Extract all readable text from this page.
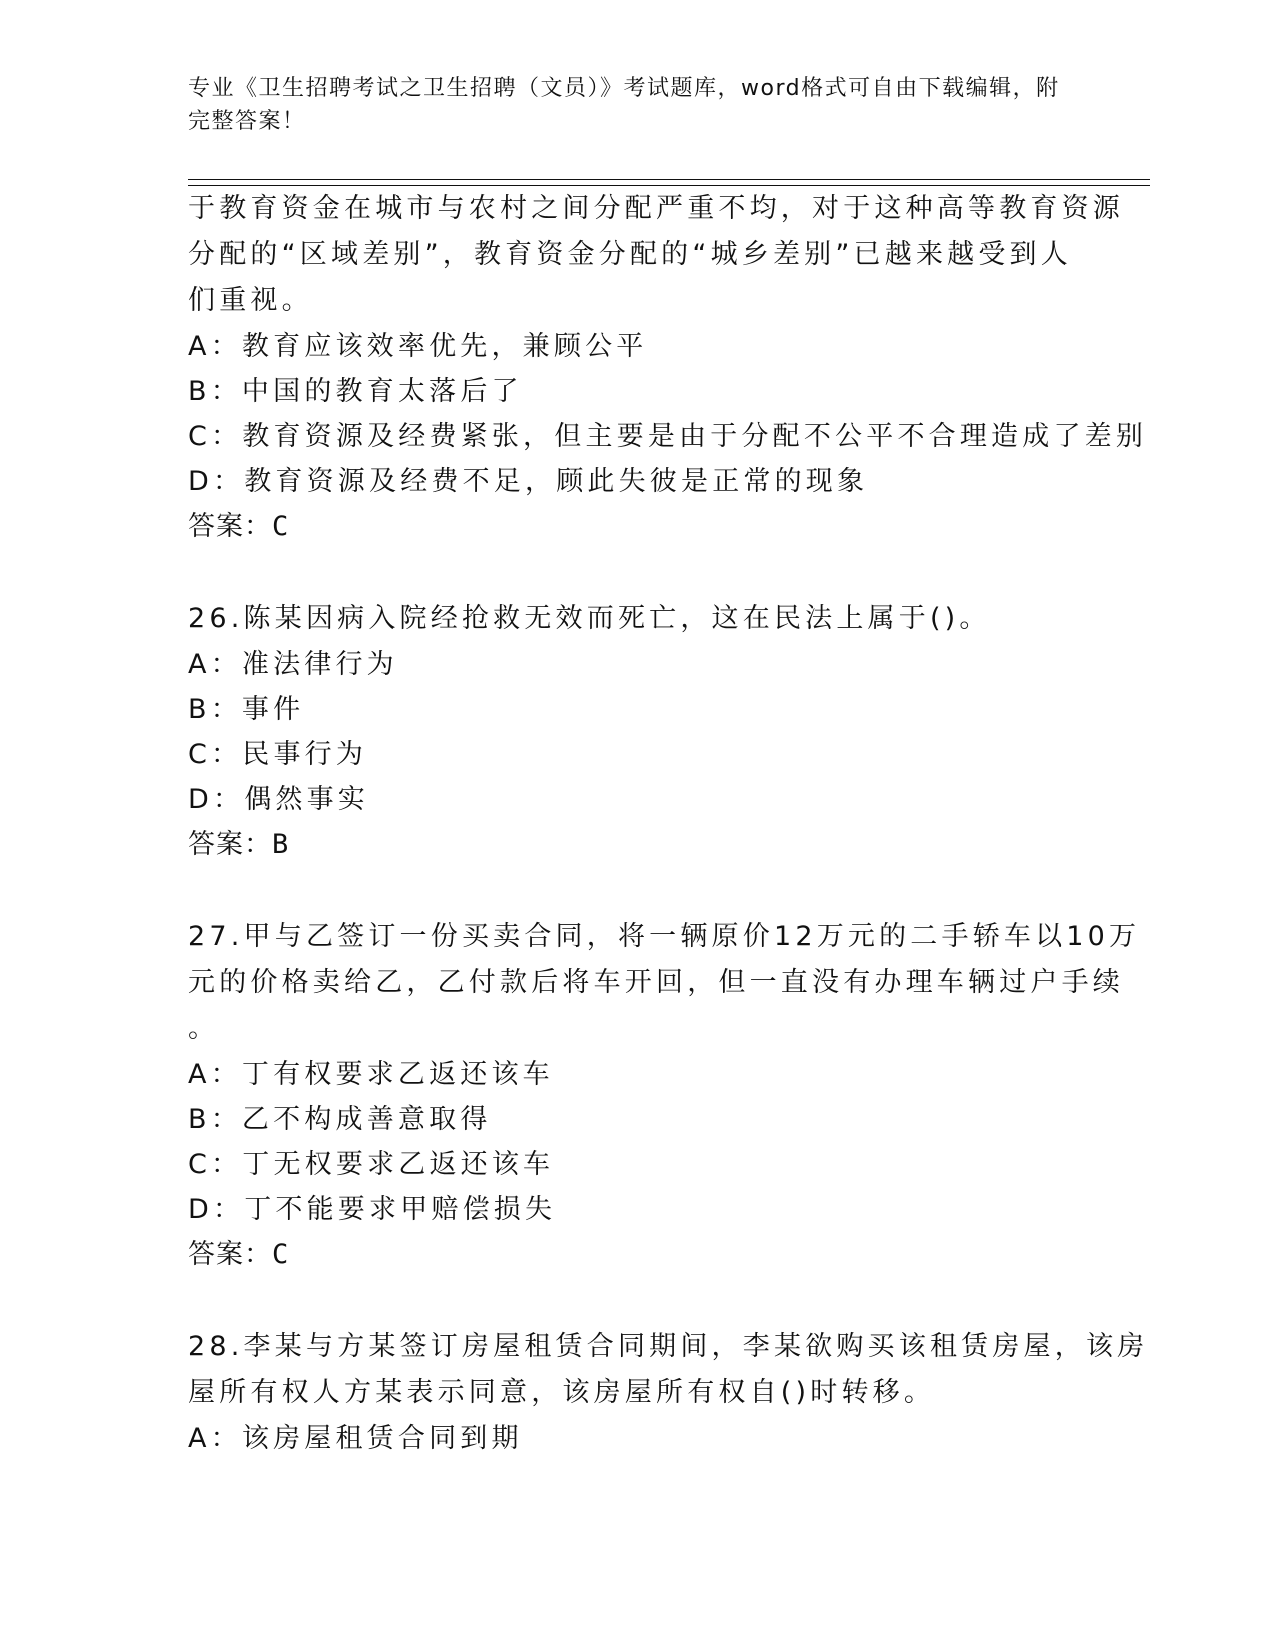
专业《卫生招聘考试之卫生招聘（文员）》考试题库，word格式可自由下载编辑，附完整答案！
于教育资金在城市与农村之间分配严重不均，对于这种高等教育资源
分配的“区域差别”，教育资金分配的“城乡差别”已越来越受到人
们重视。
A：教育应该效率优先，兼顾公平
B：中国的教育太落后了
C：教育资源及经费紧张，但主要是由于分配不公平不合理造成了差别
D：教育资源及经费不足，顾此失彼是正常的现象
答案：C
26.陈某因病入院经抢救无效而死亡，这在民法上属于()。
A：准法律行为
B：事件
C：民事行为
D：偶然事实
答案：B
27.甲与乙签订一份买卖合同，将一辆原价12万元的二手轿车以10万
元的价格卖给乙，乙付款后将车开回，但一直没有办理车辆过户手续
。
A：丁有权要求乙返还该车
B：乙不构成善意取得
C：丁无权要求乙返还该车
D：丁不能要求甲赔偿损失
答案：C
28.李某与方某签订房屋租赁合同期间，李某欲购买该租赁房屋，该房
屋所有权人方某表示同意，该房屋所有权自()时转移。
A：该房屋租赁合同到期
